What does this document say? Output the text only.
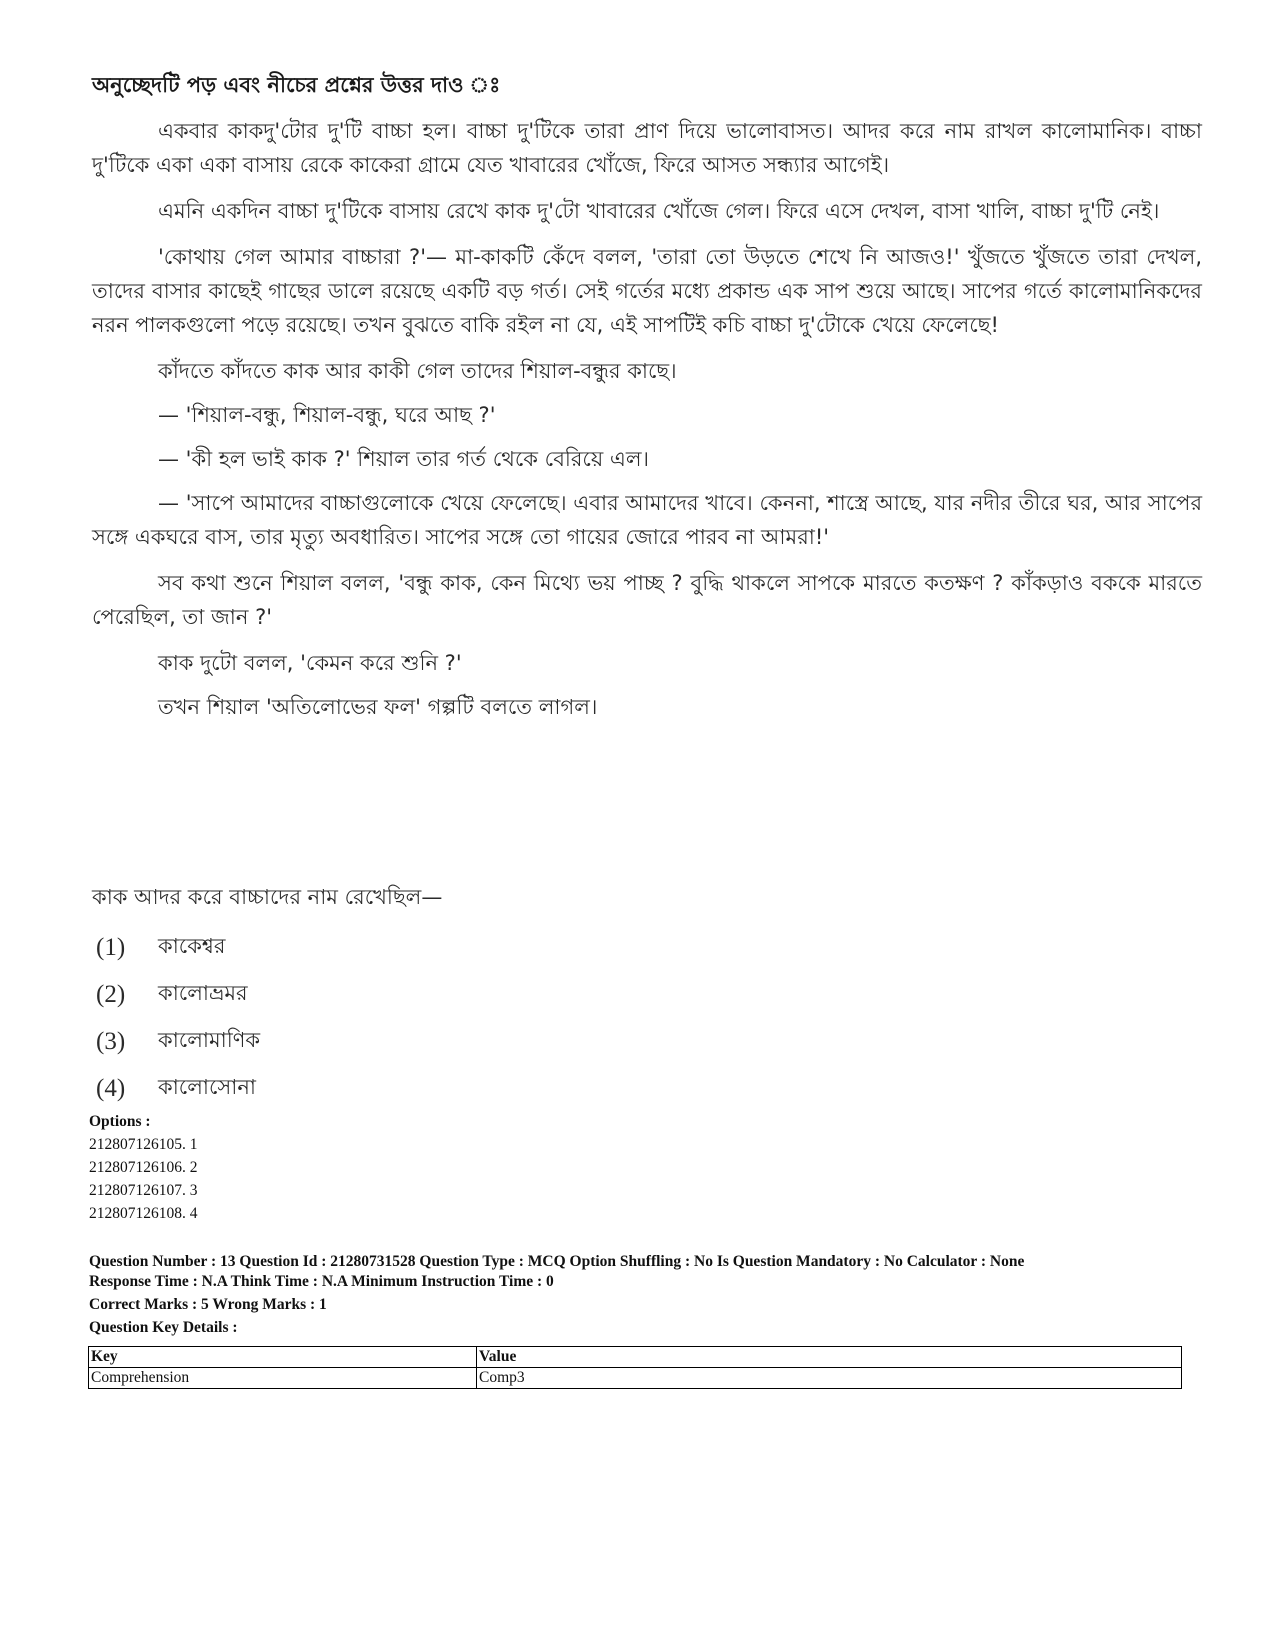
অনুচ্ছেদটি পড় এবং নীচের প্রশ্নের উত্তর দাও ঃ

একবার কাকদু'টোর দু'টি বাচ্চা হল। বাচ্চা দু'টিকে তারা প্রাণ দিয়ে ভালোবাসত। আদর করে নাম রাখল কালোমানিক। বাচ্চা দু'টিকে একা একা বাসায় রেকে কাকেরা গ্রামে যেত খাবারের খোঁজে, ফিরে আসত সন্ধ্যার আগেই।

এমনি একদিন বাচ্চা দু'টিকে বাসায় রেখে কাক দু'টো খাবারের খোঁজে গেল। ফিরে এসে দেখল, বাসা খালি, বাচ্চা দু'টি নেই।

'কোথায় গেল আমার বাচ্চারা ?'— মা-কাকটি কেঁদে বলল, 'তারা তো উড়তে শেখে নি আজও!' খুঁজতে খুঁজতে তারা দেখল, তাদের বাসার কাছেই গাছের ডালে রয়েছে একটি বড় গর্ত। সেই গর্তের মধ্যে প্রকান্ড এক সাপ শুয়ে আছে। সাপের গর্তে কালোমানিকদের নরন পালকগুলো পড়ে রয়েছে। তখন বুঝতে বাকি রইল না যে, এই সাপটিই কচি বাচ্চা দু'টোকে খেয়ে ফেলেছে!

কাঁদতে কাঁদতে কাক আর কাকী গেল তাদের শিয়াল-বন্ধুর কাছে।

— 'শিয়াল-বন্ধু, শিয়াল-বন্ধু, ঘরে আছ ?'

— 'কী হল ভাই কাক ?' শিয়াল তার গর্ত থেকে বেরিয়ে এল।

— 'সাপে আমাদের বাচ্চাগুলোকে খেয়ে ফেলেছে। এবার আমাদের খাবে। কেননা, শাস্ত্রে আছে, যার নদীর তীরে ঘর, আর সাপের সঙ্গে একঘরে বাস, তার মৃত্যু অবধারিত। সাপের সঙ্গে তো গায়ের জোরে পারব না আমরা!'

সব কথা শুনে শিয়াল বলল, 'বন্ধু কাক, কেন মিথ্যে ভয় পাচ্ছ ? বুদ্ধি থাকলে সাপকে মারতে কতক্ষণ ? কাঁকড়াও বককে মারতে পেরেছিল, তা জান ?'

কাক দুটো বলল, 'কেমন করে শুনি ?'

তখন শিয়াল 'অতিলোভের ফল' গল্পটি বলতে লাগল।

কাক আদর করে বাচ্চাদের নাম রেখেছিল—
(1)	কাকেশ্বর
(2)	কালোভ্রমর
(3)	কালোমাণিক
(4)	কালোসোনা
Options :
212807126105. 1
212807126106. 2
212807126107. 3
212807126108. 4
Question Number : 13 Question Id : 21280731528 Question Type : MCQ Option Shuffling : No Is Question Mandatory : No Calculator : None
Response Time : N.A Think Time : N.A Minimum Instruction Time : 0
Correct Marks : 5 Wrong Marks : 1
Question Key Details :
Key	Value
Comprehension	Comp3
